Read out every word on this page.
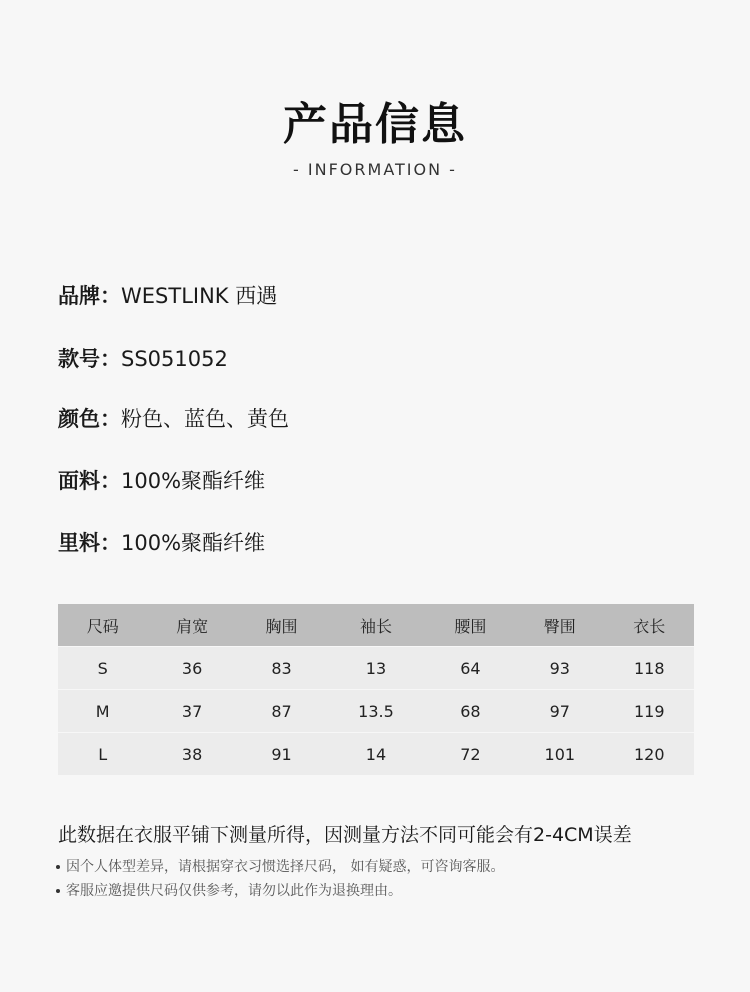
产品信息
- INFORMATION -
品牌：WESTLINK 西遇
款号：SS051052
颜色：粉色、蓝色、黄色
面料：100%聚酯纤维
里料：100%聚酯纤维
尺码	肩宽	胸围	袖长	腰围	臀围	衣长
S	36	83	13	64	93	118
M	37	87	13.5	68	97	119
L	38	91	14	72	101	120
此数据在衣服平铺下测量所得，因测量方法不同可能会有2-4CM误差
因个人体型差异，请根据穿衣习惯选择尺码， 如有疑惑，可咨询客服。
客服应邀提供尺码仅供参考，请勿以此作为退换理由。
